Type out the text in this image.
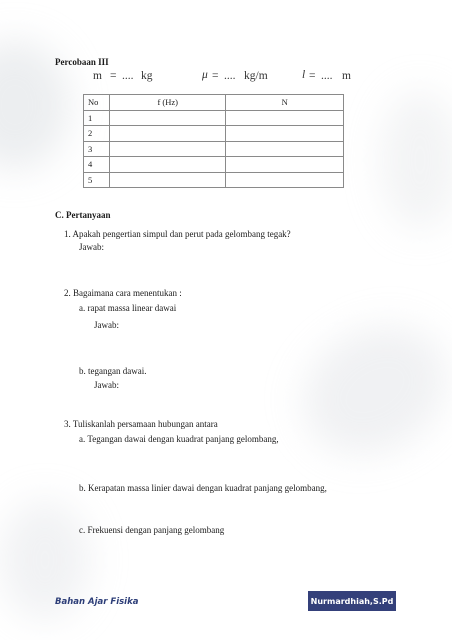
Percobaan III
m = .... kg	μ = .... kg/m	l = .... m
No	f (Hz)	N
1		
2		
3		
4		
5		
C. Pertanyaan
1. Apakah pengertian simpul dan perut pada gelombang tegak?
Jawab:
2. Bagaimana cara menentukan :
a. rapat massa linear dawai
Jawab:
b. tegangan dawai.
Jawab:
3. Tuliskanlah persamaan hubungan antara
a. Tegangan dawai dengan kuadrat panjang gelombang,
b. Kerapatan massa linier dawai dengan kuadrat panjang gelombang,
c. Frekuensi dengan panjang gelombang
Bahan Ajar Fisika	Nurmardhiah,S.Pd
